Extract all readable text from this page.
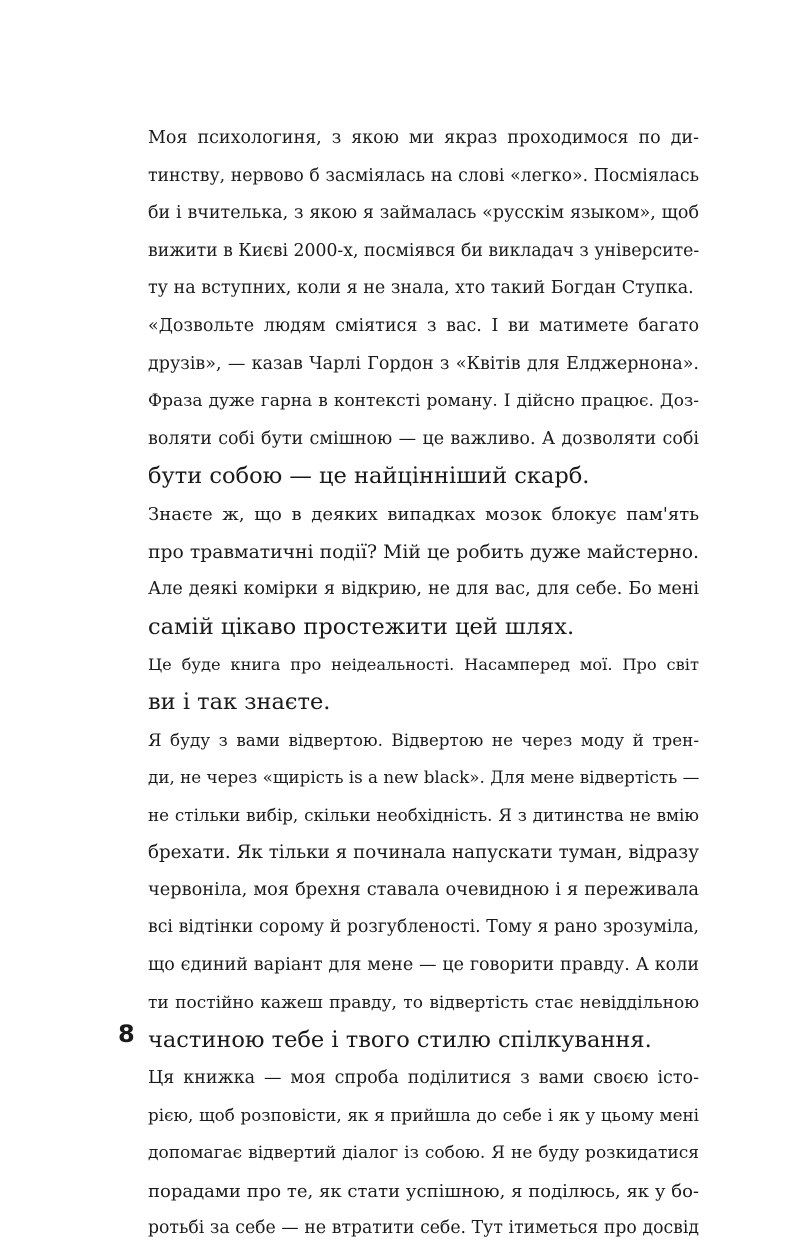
Моя психологиня, з якою ми якраз проходимося по ди-
тинству, нервово б засміялась на слові «легко». Посміялась
би і вчителька, з якою я займалась «русскім языком», щоб
вижити в Києві 2000-х, посміявся би викладач з університе-
ту на вступних, коли я не знала, хто такий Богдан Ступка.

«Дозвольте людям сміятися з вас. І ви матимете багато
друзів», — казав Чарлі Гордон з «Квітів для Елджернона».
Фраза дуже гарна в контексті роману. І дійсно працює. Доз-
воляти собі бути смішною — це важливо. А дозволяти собі
бути собою — це найцінніший скарб.

Знаєте ж, що в деяких випадках мозок блокує пам'ять
про травматичні події? Мій це робить дуже майстерно.
Але деякі комірки я відкрию, не для вас, для себе. Бо мені
самій цікаво простежити цей шлях.

Це буде книга про неідеальності. Насамперед мої. Про світ
ви і так знаєте.

Я буду з вами відвертою. Відвертою не через моду й трен-
ди, не через «щирість is a new black». Для мене відвертість —
не стільки вибір, скільки необхідність. Я з дитинства не вмію
брехати. Як тільки я починала напускати туман, відразу
червоніла, моя брехня ставала очевидною і я переживала
всі відтінки сорому й розгубленості. Тому я рано зрозуміла,
що єдиний варіант для мене — це говорити правду. А коли
ти постійно кажеш правду, то відвертість стає невіддільною
частиною тебе і твого стилю спілкування.

Ця книжка — моя спроба поділитися з вами своєю істо-
рією, щоб розповісти, як я прийшла до себе і як у цьому мені
допомагає відвертий діалог із собою. Я не буду розкидатися
порадами про те, як стати успішною, я поділюсь, як у бо-
ротьбі за себе — не втратити себе. Тут ітиметься про досвід

8
